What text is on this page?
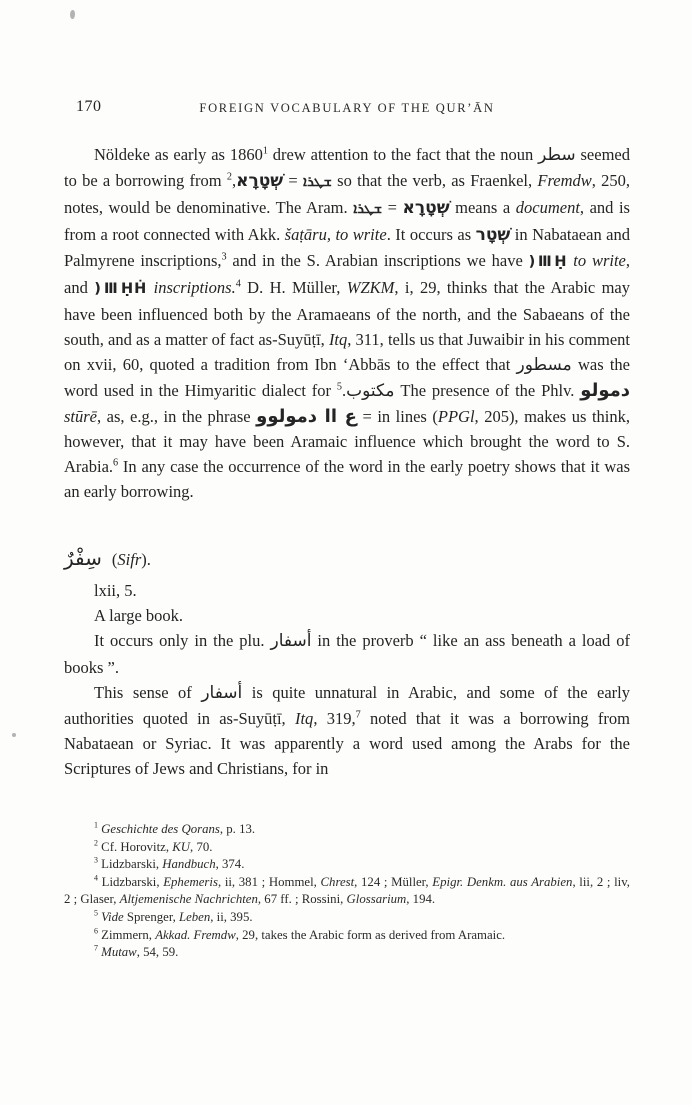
170	FOREIGN VOCABULARY OF THE QURʼĀN

Nöldeke as early as 1860$^1$ drew attention to the fact that the noun سطر seemed to be a borrowing from	ܫܛܪܐ = שְׁטָרָא,$^2$	so that the verb, as Fraenkel, Fremdw, 250, notes, would be denominative. The Aram.	שְׁטָרָא = ܫܛܪܐ	means a document, and is from a root connected with Akk. šaṭāru, to write. It occurs as שְׁטָר in Nabataean and Palmyrene inscriptions,$^3$ and in the S. Arabian inscriptions we have )ⅢḤ to write, and )ⅢḤḢ inscriptions.$^4$ D. H. Müller, WZKM, i, 29, thinks that the Arabic may have been influenced both by the Aramaeans of the north, and the Sabaeans of the south, and as a matter of fact as-Suyūṭī, Itq, 311, tells us that Juwaibir in his comment on xvii, 60, quoted a tradition from Ibn ʻAbbās to the effect that مسطور was the word used in the Himyaritic dialect for مكتوب.$^5$	The presence of the Phlv. دمولو stūrē, as, e.g., in the phrase ع اا دمولوو = in lines (PPGl, 205), makes us think, however, that it may have been Aramaic influence which brought the word to S. Arabia.$^6$ In any case the occurrence of the word in the early poetry shows that it was an early borrowing.

سِفْرٌ (Sifr).

lxii, 5.

A large book.

It occurs only in the plu. أسفار in the proverb “ like an ass beneath a load of books ”.

This sense of أسفار is quite unnatural in Arabic, and some of the early authorities quoted in as-Suyūṭī, Itq, 319,$^7$ noted that it was a borrowing from Nabataean or Syriac. It was apparently a word used among the Arabs for the Scriptures of Jews and Christians, for in

$^1$ Geschichte des Qorans, p. 13.

$^2$ Cf. Horovitz, KU, 70.

$^3$ Lidzbarski, Handbuch, 374.

$^4$ Lidzbarski, Ephemeris, ii, 381 ; Hommel, Chrest, 124 ; Müller, Epigr. Denkm. aus Arabien, lii, 2 ; liv, 2 ; Glaser, Altjemenische Nachrichten, 67 ff. ; Rossini, Glossarium, 194.

$^5$ Vide Sprenger, Leben, ii, 395.

$^6$ Zimmern, Akkad. Fremdw, 29, takes the Arabic form as derived from Aramaic.

$^7$ Mutaw, 54, 59.
